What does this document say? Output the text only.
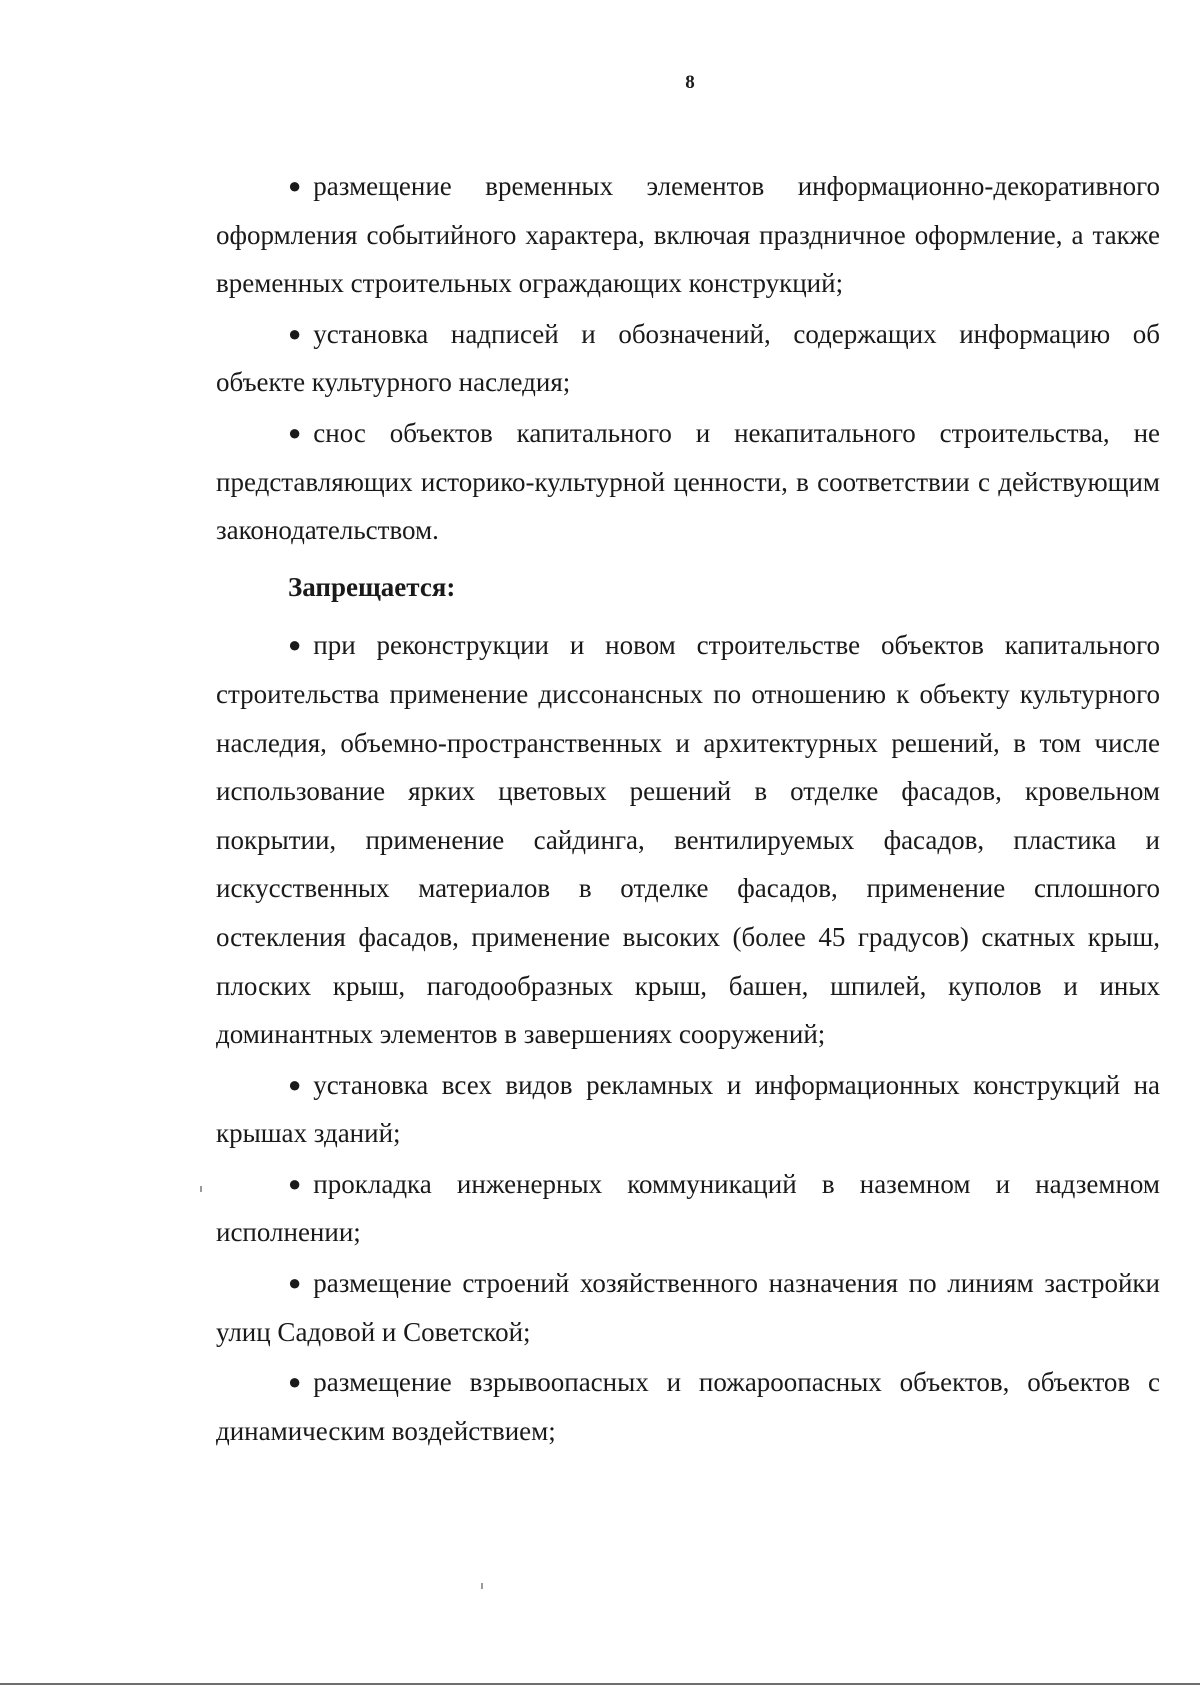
8

● размещение временных элементов информационно-декоративного оформления событийного характера, включая праздничное оформление, а также временных строительных ограждающих конструкций;

● установка надписей и обозначений, содержащих информацию об объекте культурного наследия;

● снос объектов капитального и некапитального строительства, не представляющих историко-культурной ценности, в соответствии с действующим законодательством.

Запрещается:

● при реконструкции и новом строительстве объектов капитального строительства применение диссонансных по отношению к объекту культурного наследия, объемно-пространственных и архитектурных решений, в том числе использование ярких цветовых решений в отделке фасадов, кровельном покрытии, применение сайдинга, вентилируемых фасадов, пластика и искусственных материалов в отделке фасадов, применение сплошного остекления фасадов, применение высоких (более 45 градусов) скатных крыш, плоских крыш, пагодообразных крыш, башен, шпилей, куполов и иных доминантных элементов в завершениях сооружений;

● установка всех видов рекламных и информационных конструкций на крышах зданий;

● прокладка инженерных коммуникаций в наземном и надземном исполнении;

● размещение строений хозяйственного назначения по линиям застройки улиц Садовой и Советской;

● размещение взрывоопасных и пожароопасных объектов, объектов с динамическим воздействием;
